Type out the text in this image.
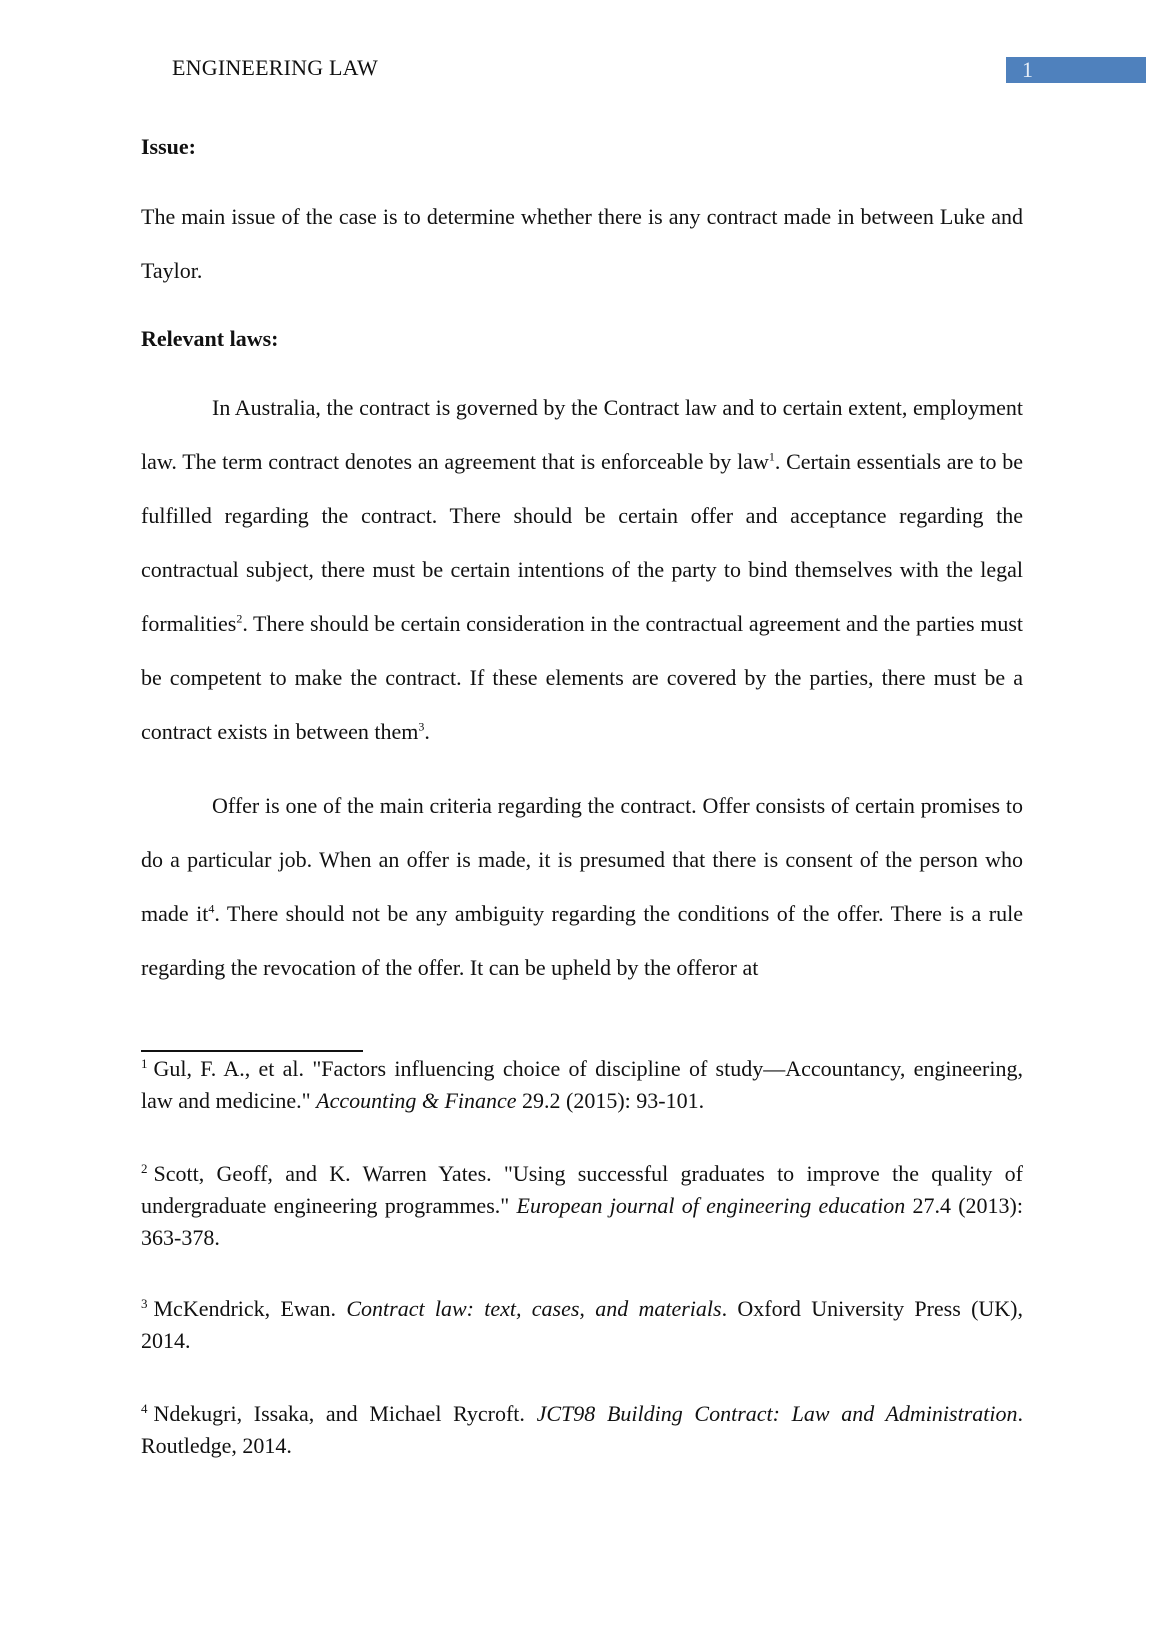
ENGINEERING LAW	1
Issue:

The main issue of the case is to determine whether there is any contract made in between Luke and Taylor.

Relevant laws:

In Australia, the contract is governed by the Contract law and to certain extent, employment law. The term contract denotes an agreement that is enforceable by law$^1$. Certain essentials are to be fulfilled regarding the contract. There should be certain offer and acceptance regarding the contractual subject, there must be certain intentions of the party to bind themselves with the legal formalities$^2$. There should be certain consideration in the contractual agreement and the parties must be competent to make the contract. If these elements are covered by the parties, there must be a contract exists in between them$^3$.

Offer is one of the main criteria regarding the contract. Offer consists of certain promises to do a particular job. When an offer is made, it is presumed that there is consent of the person who made $it^4$. There should not be any ambiguity regarding the conditions of the offer. There is a rule regarding the revocation of the offer. It can be upheld by the offeror at

$^1$ Gul, F. A., et al. "Factors influencing choice of discipline of study—Accountancy, engineering, law and medicine." Accounting & Finance 29.2 (2015): 93-101.

$^2$ Scott, Geoff, and K. Warren Yates. "Using successful graduates to improve the quality of undergraduate engineering programmes." European journal of engineering education 27.4 (2013): 363-378.

$^3$ McKendrick, Ewan. Contract law: text, cases, and materials. Oxford University Press (UK), 2014.

$^4$ Ndekugri, Issaka, and Michael Rycroft. JCT98 Building Contract: Law and Administration. Routledge, 2014.
